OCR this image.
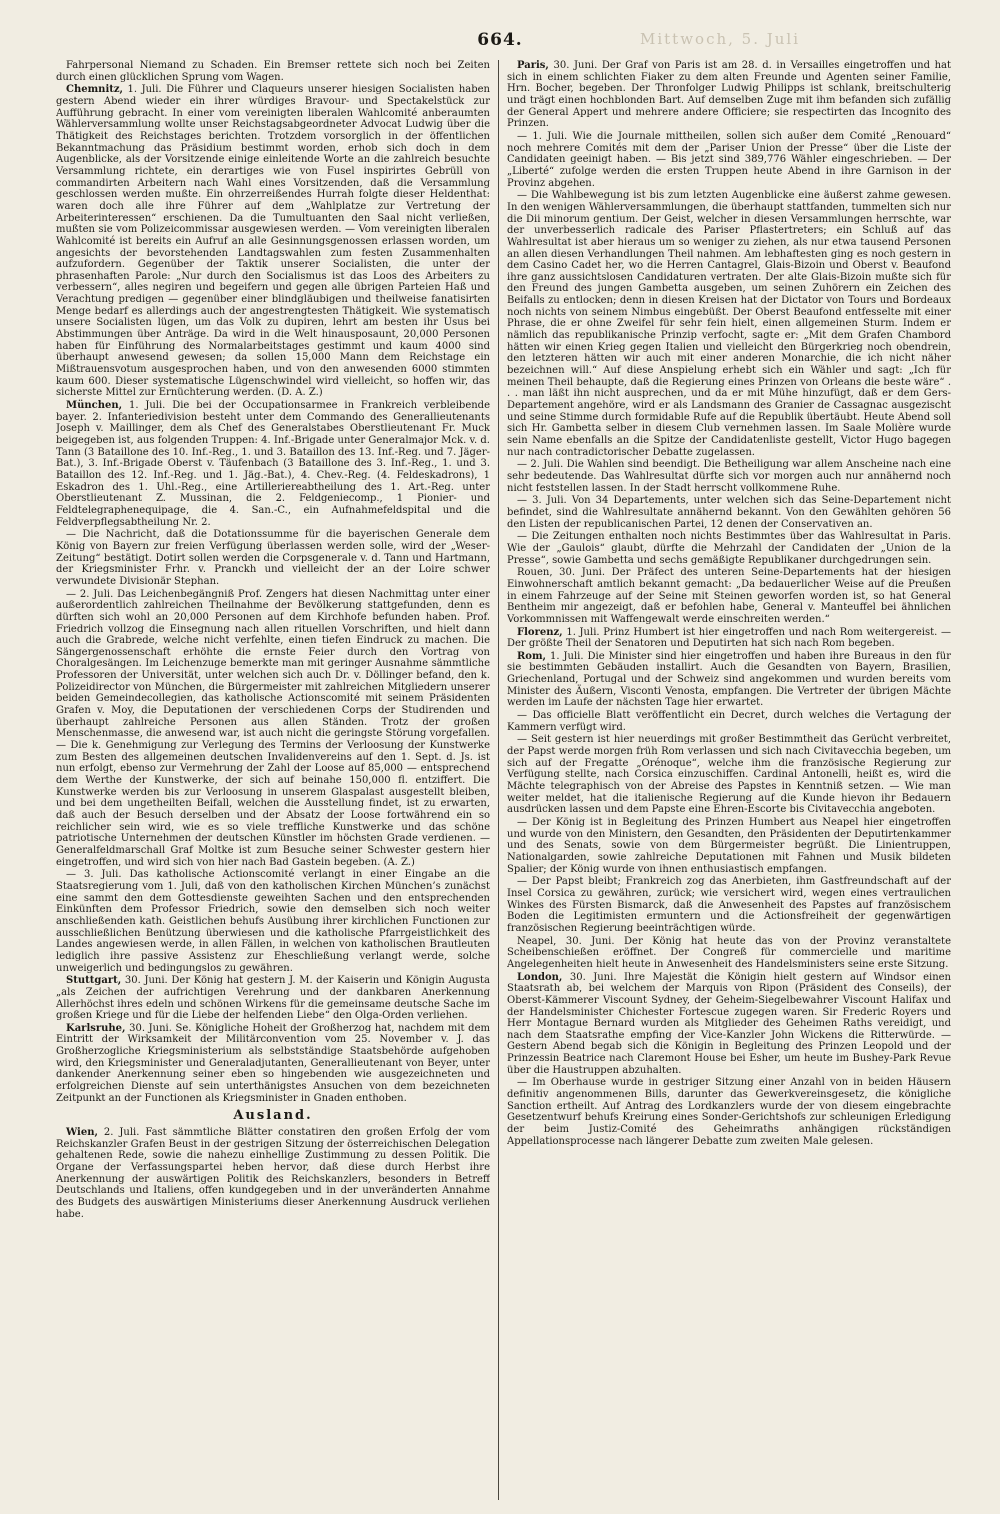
664.	Mittwoch, 5. Juli

Fahrpersonal Niemand zu Schaden. Ein Bremser rettete sich noch bei Zeiten durch einen glücklichen Sprung vom Wagen.

Chemnitz, 1. Juli. Die Führer und Claqueurs unserer hiesigen Socialisten haben gestern Abend wieder ein ihrer würdiges Bravour- und Spectakelstück zur Aufführung gebracht. In einer vom vereinigten liberalen Wahlcomité anberaumten Wählerversammlung wollte unser Reichstagsabgeordneter Advocat Ludwig über die Thätigkeit des Reichstages berichten. Trotzdem vorsorglich in der öffentlichen Bekanntmachung das Präsidium bestimmt worden, erhob sich doch in dem Augenblicke, als der Vorsitzende einige einleitende Worte an die zahlreich besuchte Versammlung richtete, ein derartiges wie von Fusel inspirirtes Gebrüll von commandirten Arbeitern nach Wahl eines Vorsitzenden, daß die Versammlung geschlossen werden mußte. Ein ohrzerreißendes Hurrah folgte dieser Heldenthat: waren doch alle ihre Führer auf dem „Wahlplatze zur Vertretung der Arbeiterinteressen“ erschienen. Da die Tumultuanten den Saal nicht verließen, mußten sie vom Polizeicommissar ausgewiesen werden. — Vom vereinigten liberalen Wahlcomité ist bereits ein Aufruf an alle Gesinnungsgenossen erlassen worden, um angesichts der bevorstehenden Landtagswahlen zum festen Zusammenhalten aufzufordern. Gegenüber der Taktik unserer Socialisten, die unter der phrasenhaften Parole: „Nur durch den Socialismus ist das Loos des Arbeiters zu verbessern“, alles negiren und begeifern und gegen alle übrigen Parteien Haß und Verachtung predigen — gegenüber einer blindgläubigen und theilweise fanatisirten Menge bedarf es allerdings auch der angestrengtesten Thätigkeit. Wie systematisch unsere Socialisten lügen, um das Volk zu dupiren, lehrt am besten ihr Usus bei Abstimmungen über Anträge. Da wird in die Welt hinausposaunt, 20,000 Personen haben für Einführung des Normalarbeitstages gestimmt und kaum 4000 sind überhaupt anwesend gewesen; da sollen 15,000 Mann dem Reichstage ein Mißtrauensvotum ausgesprochen haben, und von den anwesenden 6000 stimmten kaum 600. Dieser systematische Lügenschwindel wird vielleicht, so hoffen wir, das sicherste Mittel zur Ernüchterung werden. (D. A. Z.)

München, 1. Juli. Die bei der Occupationsarmee in Frankreich verbleibende bayer. 2. Infanteriedivision besteht unter dem Commando des Generallieutenants Joseph v. Maillinger, dem als Chef des Generalstabes Oberstlieutenant Fr. Muck beigegeben ist, aus folgenden Truppen: 4. Inf.-Brigade unter Generalmajor Mck. v. d. Tann (3 Bataillone des 10. Inf.-Reg., 1. und 3. Bataillon des 13. Inf.-Reg. und 7. Jäger-Bat.), 3. Inf.-Brigade Oberst v. Täufenbach (3 Bataillone des 3. Inf.-Reg., 1. und 3. Bataillon des 12. Inf.-Reg. und 1. Jäg.-Bat.), 4. Chev.-Reg. (4. Feldeskadrons), 1 Eskadron des 1. Uhl.-Reg., eine Artilleriereabtheilung des 1. Art.-Reg. unter Oberstlieutenant Z. Mussinan, die 2. Feldgeniecomp., 1 Pionier- und Feldtelegraphenequipage, die 4. San.-C., ein Aufnahmefeldspital und die Feldverpflegsabtheilung Nr. 2.

— Die Nachricht, daß die Dotationssumme für die bayerischen Generale dem König von Bayern zur freien Verfügung überlassen werden solle, wird der „Weser-Zeitung“ bestätigt. Dotirt sollen werden die Corpsgenerale v. d. Tann und Hartmann, der Kriegsminister Frhr. v. Pranckh und vielleicht der an der Loire schwer verwundete Divisionär Stephan.

— 2. Juli. Das Leichenbegängniß Prof. Zengers hat diesen Nachmittag unter einer außerordentlich zahlreichen Theilnahme der Bevölkerung stattgefunden, denn es dürften sich wohl an 20,000 Personen auf dem Kirchhofe befunden haben. Prof. Friedrich vollzog die Einsegnung nach allen rituellen Vorschriften, und hielt dann auch die Grabrede, welche nicht verfehlte, einen tiefen Eindruck zu machen. Die Sängergenossenschaft erhöhte die ernste Feier durch den Vortrag von Choralgesängen. Im Leichenzuge bemerkte man mit geringer Ausnahme sämmtliche Professoren der Universität, unter welchen sich auch Dr. v. Döllinger befand, den k. Polizeidirector von München, die Bürgermeister mit zahlreichen Mitgliedern unserer beiden Gemeindecollegien, das katholische Actionscomité mit seinem Präsidenten Grafen v. Moy, die Deputationen der verschiedenen Corps der Studirenden und überhaupt zahlreiche Personen aus allen Ständen. Trotz der großen Menschenmasse, die anwesend war, ist auch nicht die geringste Störung vorgefallen. — Die k. Genehmigung zur Verlegung des Termins der Verloosung der Kunstwerke zum Besten des allgemeinen deutschen Invalidenvereins auf den 1. Sept. d. Js. ist nun erfolgt, ebenso zur Vermehrung der Zahl der Loose auf 85,000 — entsprechend dem Werthe der Kunstwerke, der sich auf beinahe 150,000 fl. entziffert. Die Kunstwerke werden bis zur Verloosung in unserem Glaspalast ausgestellt bleiben, und bei dem ungetheilten Beifall, welchen die Ausstellung findet, ist zu erwarten, daß auch der Besuch derselben und der Absatz der Loose fortwährend ein so reichlicher sein wird, wie es so viele treffliche Kunstwerke und das schöne patriotische Unternehmen der deutschen Künstler im höchsten Grade verdienen. — Generalfeldmarschall Graf Moltke ist zum Besuche seiner Schwester gestern hier eingetroffen, und wird sich von hier nach Bad Gastein begeben. (A. Z.)

— 3. Juli. Das katholische Actionscomité verlangt in einer Eingabe an die Staatsregierung vom 1. Juli, daß von den katholischen Kirchen München’s zunächst eine sammt den dem Gottesdienste geweihten Sachen und den entsprechenden Einkünften dem Professor Friedrich, sowie den demselben sich noch weiter anschließenden kath. Geistlichen behufs Ausübung ihrer kirchlichen Functionen zur ausschließlichen Benützung überwiesen und die katholische Pfarrgeistlichkeit des Landes angewiesen werde, in allen Fällen, in welchen von katholischen Brautleuten lediglich ihre passive Assistenz zur Eheschließung verlangt werde, solche unweigerlich und bedingungslos zu gewähren.

Stuttgart, 30. Juni. Der König hat gestern J. M. der Kaiserin und Königin Augusta „als Zeichen der aufrichtigen Verehrung und der dankbaren Anerkennung Allerhöchst ihres edeln und schönen Wirkens für die gemeinsame deutsche Sache im großen Kriege und für die Liebe der helfenden Liebe“ den Olga-Orden verliehen.

Karlsruhe, 30. Juni. Se. Königliche Hoheit der Großherzog hat, nachdem mit dem Eintritt der Wirksamkeit der Militärconvention vom 25. November v. J. das Großherzogliche Kriegsministerium als selbstständige Staatsbehörde aufgehoben wird, den Kriegsminister und Generaladjutanten, Generallieutenant von Beyer, unter dankender Anerkennung seiner eben so hingebenden wie ausgezeichneten und erfolgreichen Dienste auf sein unterthänigstes Ansuchen von dem bezeichneten Zeitpunkt an der Functionen als Kriegsminister in Gnaden enthoben.

Ausland.

Wien, 2. Juli. Fast sämmtliche Blätter constatiren den großen Erfolg der vom Reichskanzler Grafen Beust in der gestrigen Sitzung der österreichischen Delegation gehaltenen Rede, sowie die nahezu einhellige Zustimmung zu dessen Politik. Die Organe der Verfassungspartei heben hervor, daß diese durch Herbst ihre Anerkennung der auswärtigen Politik des Reichskanzlers, besonders in Betreff Deutschlands und Italiens, offen kundgegeben und in der unveränderten Annahme des Budgets des auswärtigen Ministeriums dieser Anerkennung Ausdruck verliehen habe.

Paris, 30. Juni. Der Graf von Paris ist am 28. d. in Versailles eingetroffen und hat sich in einem schlichten Fiaker zu dem alten Freunde und Agenten seiner Familie, Hrn. Bocher, begeben. Der Thronfolger Ludwig Philipps ist schlank, breitschulterig und trägt einen hochblonden Bart. Auf demselben Zuge mit ihm befanden sich zufällig der General Appert und mehrere andere Officiere; sie respectirten das Incognito des Prinzen.

— 1. Juli. Wie die Journale mittheilen, sollen sich außer dem Comité „Renouard“ noch mehrere Comités mit dem der „Pariser Union der Presse“ über die Liste der Candidaten geeinigt haben. — Bis jetzt sind 389,776 Wähler eingeschrieben. — Der „Liberté“ zufolge werden die ersten Truppen heute Abend in ihre Garnison in der Provinz abgehen.

— Die Wahlbewegung ist bis zum letzten Augenblicke eine äußerst zahme gewesen. In den wenigen Wählerversammlungen, die überhaupt stattfanden, tummelten sich nur die Dii minorum gentium. Der Geist, welcher in diesen Versammlungen herrschte, war der unverbesserlich radicale des Pariser Pflastertreters; ein Schluß auf das Wahlresultat ist aber hieraus um so weniger zu ziehen, als nur etwa tausend Personen an allen diesen Verhandlungen Theil nahmen. Am lebhaftesten ging es noch gestern in dem Casino Cadet her, wo die Herren Cantagrel, Glais-Bizoin und Oberst v. Beaufond ihre ganz aussichtslosen Candidaturen vertraten. Der alte Glais-Bizoin mußte sich für den Freund des jungen Gambetta ausgeben, um seinen Zuhörern ein Zeichen des Beifalls zu entlocken; denn in diesen Kreisen hat der Dictator von Tours und Bordeaux noch nichts von seinem Nimbus eingebüßt. Der Oberst Beaufond entfesselte mit einer Phrase, die er ohne Zweifel für sehr fein hielt, einen allgemeinen Sturm. Indem er nämlich das republikanische Prinzip verfocht, sagte er: „Mit dem Grafen Chambord hätten wir einen Krieg gegen Italien und vielleicht den Bürgerkrieg noch obendrein, den letzteren hätten wir auch mit einer anderen Monarchie, die ich nicht näher bezeichnen will.“ Auf diese Anspielung erhebt sich ein Wähler und sagt: „Ich für meinen Theil behaupte, daß die Regierung eines Prinzen von Orleans die beste wäre“ . . . man läßt ihn nicht ausprechen, und da er mit Mühe hinzufügt, daß er dem Gers-Departement angehöre, wird er als Landsmann des Granier de Cassagnac ausgezischt und seine Stimme durch formidable Rufe auf die Republik übertäubt. Heute Abend soll sich Hr. Gambetta selber in diesem Club vernehmen lassen. Im Saale Molière wurde sein Name ebenfalls an die Spitze der Candidatenliste gestellt, Victor Hugo bagegen nur nach contradictorischer Debatte zugelassen.

— 2. Juli. Die Wahlen sind beendigt. Die Betheiligung war allem Anscheine nach eine sehr bedeutende. Das Wahlresultat dürfte sich vor morgen auch nur annähernd noch nicht feststellen lassen. In der Stadt herrscht vollkommene Ruhe.

— 3. Juli. Von 34 Departements, unter welchen sich das Seine-Departement nicht befindet, sind die Wahlresultate annähernd bekannt. Von den Gewählten gehören 56 den Listen der republicanischen Partei, 12 denen der Conservativen an.

— Die Zeitungen enthalten noch nichts Bestimmtes über das Wahlresultat in Paris. Wie der „Gaulois“ glaubt, dürfte die Mehrzahl der Candidaten der „Union de la Presse“, sowie Gambetta und sechs gemäßigte Republikaner durchgedrungen sein.

Rouen, 30. Juni. Der Präfect des unteren Seine-Departements hat der hiesigen Einwohnerschaft amtlich bekannt gemacht: „Da bedauerlicher Weise auf die Preußen in einem Fahrzeuge auf der Seine mit Steinen geworfen worden ist, so hat General Bentheim mir angezeigt, daß er befohlen habe, General v. Manteuffel bei ähnlichen Vorkommnissen mit Waffengewalt werde einschreiten werden.“

Florenz, 1. Juli. Prinz Humbert ist hier eingetroffen und nach Rom weitergereist. — Der größte Theil der Senatoren und Deputirten hat sich nach Rom begeben.

Rom, 1. Juli. Die Minister sind hier eingetroffen und haben ihre Bureaus in den für sie bestimmten Gebäuden installirt. Auch die Gesandten von Bayern, Brasilien, Griechenland, Portugal und der Schweiz sind angekommen und wurden bereits vom Minister des Äußern, Visconti Venosta, empfangen. Die Vertreter der übrigen Mächte werden im Laufe der nächsten Tage hier erwartet.

— Das officielle Blatt veröffentlicht ein Decret, durch welches die Vertagung der Kammern verfügt wird.

— Seit gestern ist hier neuerdings mit großer Bestimmtheit das Gerücht verbreitet, der Papst werde morgen früh Rom verlassen und sich nach Civitavecchia begeben, um sich auf der Fregatte „Orénoque“, welche ihm die französische Regierung zur Verfügung stellte, nach Corsica einzuschiffen. Cardinal Antonelli, heißt es, wird die Mächte telegraphisch von der Abreise des Papstes in Kenntniß setzen. — Wie man weiter meldet, hat die italienische Regierung auf die Kunde hievon ihr Bedauern ausdrücken lassen und dem Papste eine Ehren-Escorte bis Civitavecchia angeboten.

— Der König ist in Begleitung des Prinzen Humbert aus Neapel hier eingetroffen und wurde von den Ministern, den Gesandten, den Präsidenten der Deputirtenkammer und des Senats, sowie von dem Bürgermeister begrüßt. Die Linientruppen, Nationalgarden, sowie zahlreiche Deputationen mit Fahnen und Musik bildeten Spalier; der König wurde von ihnen enthusiastisch empfangen.

— Der Papst bleibt; Frankreich zog das Anerbieten, ihm Gastfreundschaft auf der Insel Corsica zu gewähren, zurück; wie versichert wird, wegen eines vertraulichen Winkes des Fürsten Bismarck, daß die Anwesenheit des Papstes auf französischem Boden die Legitimisten ermuntern und die Actionsfreiheit der gegenwärtigen französischen Regierung beeinträchtigen würde.

Neapel, 30. Juni. Der König hat heute das von der Provinz veranstaltete Scheibenschießen eröffnet. Der Congreß für commercielle und maritime Angelegenheiten hielt heute in Anwesenheit des Handelsministers seine erste Sitzung.

London, 30. Juni. Ihre Majestät die Königin hielt gestern auf Windsor einen Staatsrath ab, bei welchem der Marquis von Ripon (Präsident des Conseils), der Oberst-Kämmerer Viscount Sydney, der Geheim-Siegelbewahrer Viscount Halifax und der Handelsminister Chichester Fortescue zugegen waren. Sir Frederic Royers und Herr Montague Bernard wurden als Mitglieder des Geheimen Raths vereidigt, und nach dem Staatsrathe empfing der Vice-Kanzler John Wickens die Ritterwürde. — Gestern Abend begab sich die Königin in Begleitung des Prinzen Leopold und der Prinzessin Beatrice nach Claremont House bei Esher, um heute im Bushey-Park Revue über die Haustruppen abzuhalten.

— Im Oberhause wurde in gestriger Sitzung einer Anzahl von in beiden Häusern definitiv angenommenen Bills, darunter das Gewerkvereinsgesetz, die königliche Sanction ertheilt. Auf Antrag des Lordkanzlers wurde der von diesem eingebrachte Gesetzentwurf behufs Kreirung eines Sonder-Gerichtshofs zur schleunigen Erledigung der beim Justiz-Comité des Geheimraths anhängigen rückständigen Appellationsprocesse nach längerer Debatte zum zweiten Male gelesen.
